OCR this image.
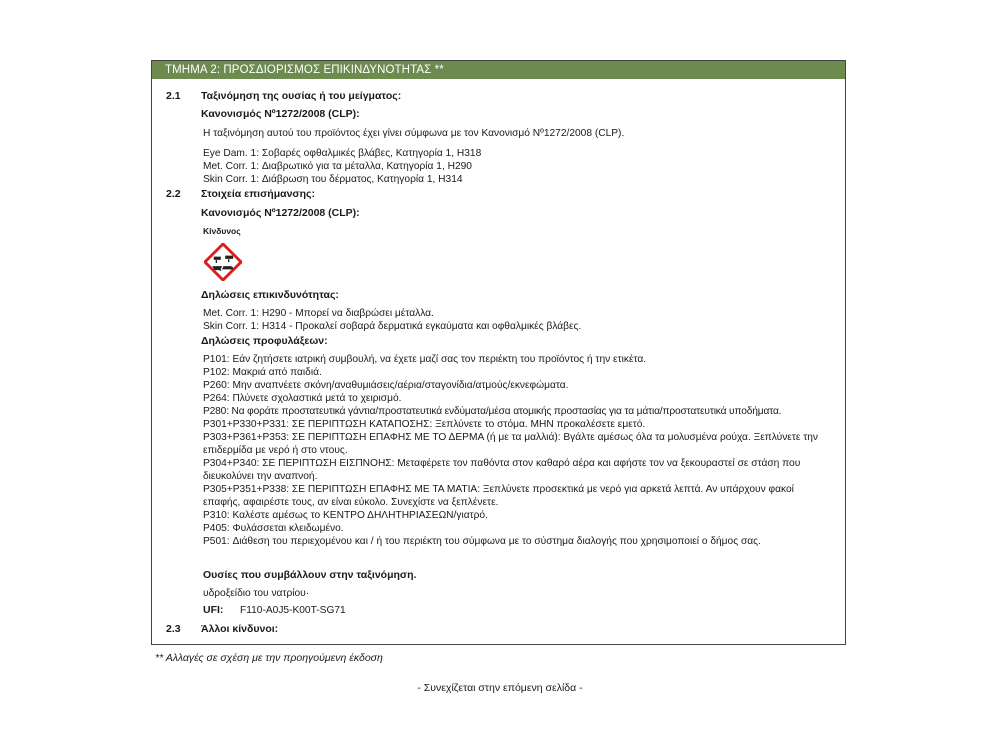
ΤΜΗΜΑ 2: ΠΡΟΣΔΙΟΡΙΣΜΟΣ ΕΠΙΚΙΝΔΥΝΟΤΗΤΑΣ **
2.1 Ταξινόμηση της ουσίας ή του μείγματος:
Κανονισμός Nº1272/2008 (CLP):
Η ταξινόμηση αυτού του προϊόντος έχει γίνει σύμφωνα με τον Κανονισμό Nº1272/2008 (CLP).
Eye Dam. 1: Σοβαρές οφθαλμικές βλάβες, Κατηγορία 1, H318
Met. Corr. 1: Διαβρωτικό για τα μέταλλα, Κατηγορία 1, H290
Skin Corr. 1: Διάβρωση του δέρματος, Κατηγορία 1, H314
2.2 Στοιχεία επισήμανσης:
Κανονισμός Nº1272/2008 (CLP):
Κίνδυνος
Δηλώσεις επικινδυνότητας:
Met. Corr. 1: H290 - Μπορεί να διαβρώσει μέταλλα.
Skin Corr. 1: H314 - Προκαλεί σοβαρά δερματικά εγκαύματα και οφθαλμικές βλάβες.
Δηλώσεις προφυλάξεων:
P101: Εάν ζητήσετε ιατρική συμβουλή, να έχετε μαζί σας τον περιέκτη του προϊόντος ή την ετικέτα.
P102: Μακριά από παιδιά.
P260: Μην αναπνέετε σκόνη/αναθυμιάσεις/αέρια/σταγονίδια/ατμούς/εκνεφώματα.
P264: Πλύνετε σχολαστικά μετά το χειρισμό.
P280: Να φοράτε προστατευτικά γάντια/προστατευτικά ενδύματα/μέσα ατομικής προστασίας για τα μάτια/προστατευτικά υποδήματα.
P301+P330+P331: ΣΕ ΠΕΡΙΠΤΩΣΗ ΚΑΤΑΠΟΣΗΣ: Ξεπλύνετε το στόμα. ΜΗΝ προκαλέσετε εμετό.
P303+P361+P353: ΣΕ ΠΕΡΙΠΤΩΣΗ ΕΠΑΦΗΣ ΜΕ ΤΟ ΔΕΡΜΑ (ή με τα μαλλιά): Βγάλτε αμέσως όλα τα μολυσμένα ρούχα. Ξεπλύνετε την επιδερμίδα με νερό ή στο ντους.
P304+P340: ΣΕ ΠΕΡΙΠΤΩΣΗ ΕΙΣΠΝΟΗΣ: Μεταφέρετε τον παθόντα στον καθαρό αέρα και αφήστε τον να ξεκουραστεί σε στάση που διευκολύνει την αναπνοή.
P305+P351+P338: ΣΕ ΠΕΡΙΠΤΩΣΗ ΕΠΑΦΗΣ ΜΕ ΤΑ ΜΑΤΙΑ: Ξεπλύνετε προσεκτικά με νερό για αρκετά λεπτά. Αν υπάρχουν φακοί επαφής, αφαιρέστε τους, αν είναι εύκολο. Συνεχίστε να ξεπλένετε.
P310: Καλέστε αμέσως το ΚΕΝΤΡΟ ΔΗΛΗΤΗΡΙΑΣΕΩΝ/γιατρό.
P405: Φυλάσσεται κλειδωμένο.
P501: Διάθεση του περιεχομένου και / ή του περιέκτη του σύμφωνα με το σύστημα διαλογής που χρησιμοποιεί ο δήμος σας.
Ουσίες που συμβάλλουν στην ταξινόμηση.
υδροξείδιο του νατρίου·
UFI: F110-A0J5-K00T-SG71
2.3 Άλλοι κίνδυνοι:
** Αλλαγές σε σχέση με την προηγούμενη έκδοση
- Συνεχίζεται στην επόμενη σελίδα -
